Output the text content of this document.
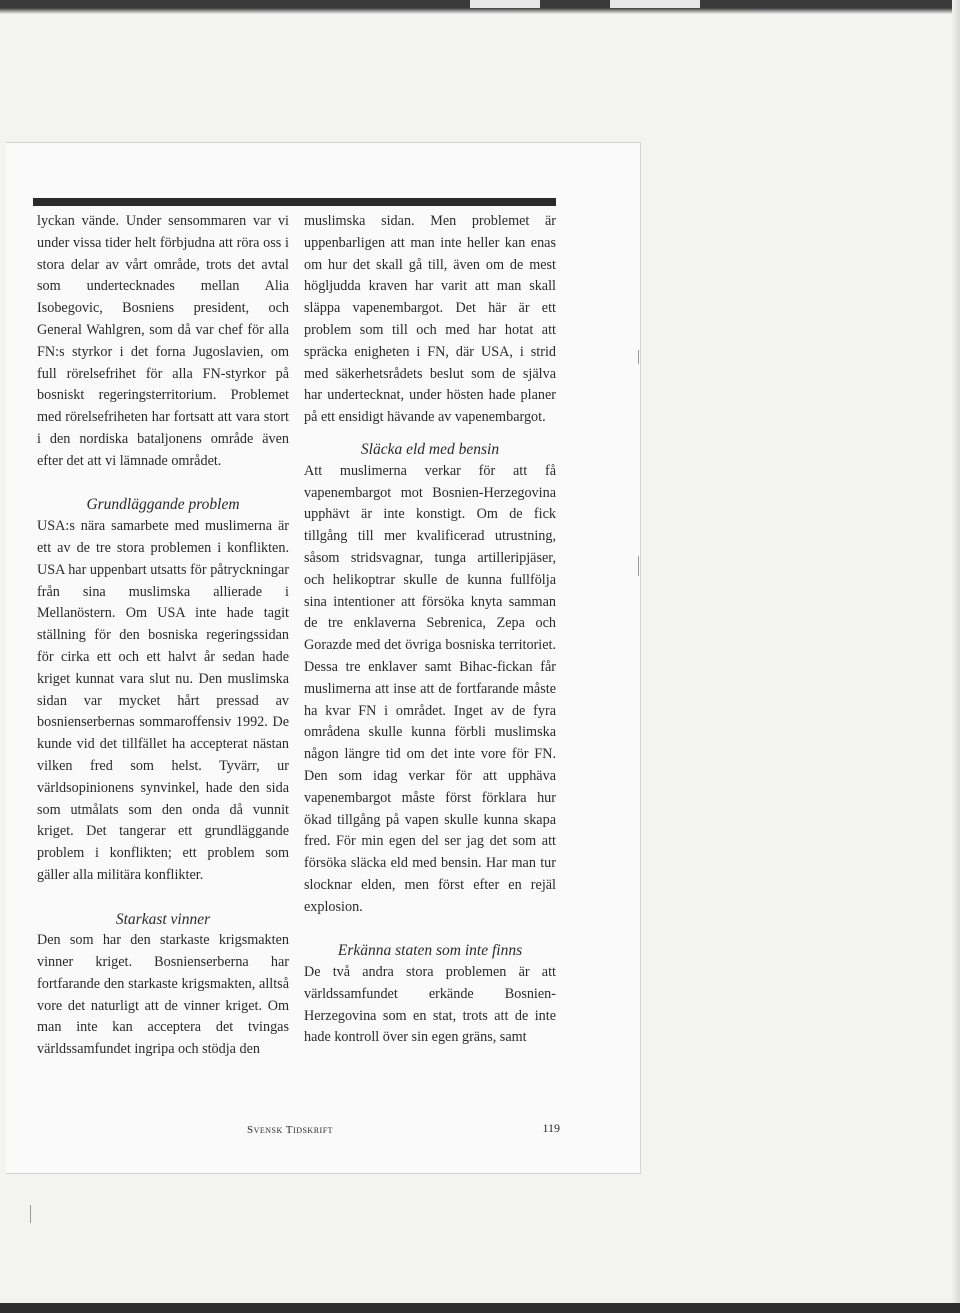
lyckan vände. Under sensommaren var vi under vissa tider helt förbjudna att röra oss i stora delar av vårt område, trots det avtal som undertecknades mellan Alia Isobegovic, Bosniens president, och General Wahlgren, som då var chef för alla FN:s styrkor i det forna Jugoslavien, om full rörelsefrihet för alla FN-styrkor på bosniskt regeringsterritorium. Problemet med rörelsefriheten har fortsatt att vara stort i den nordiska bataljonens område även efter det att vi lämnade området.

Grundläggande problem

USA:s nära samarbete med muslimerna är ett av de tre stora problemen i konflikten. USA har uppenbart utsatts för påtryckningar från sina muslimska allierade i Mellanöstern. Om USA inte hade tagit ställning för den bosniska regeringssidan för cirka ett och ett halvt år sedan hade kriget kunnat vara slut nu. Den muslimska sidan var mycket hårt pressad av bosnienserbernas sommaroffensiv 1992. De kunde vid det tillfället ha accepterat nästan vilken fred som helst. Tyvärr, ur världsopinionens synvinkel, hade den sida som utmålats som den onda då vunnit kriget. Det tangerar ett grundläggande problem i konflikten; ett problem som gäller alla militära konflikter.

Starkast vinner

Den som har den starkaste krigsmakten vinner kriget. Bosnienserberna har fortfarande den starkaste krigsmakten, alltså vore det naturligt att de vinner kriget. Om man inte kan acceptera det tvingas världssamfundet ingripa och stödja den

muslimska sidan. Men problemet är uppenbarligen att man inte heller kan enas om hur det skall gå till, även om de mest högljudda kraven har varit att man skall släppa vapenembargot. Det här är ett problem som till och med har hotat att spräcka enigheten i FN, där USA, i strid med säkerhetsrådets beslut som de själva har undertecknat, under hösten hade planer på ett ensidigt hävande av vapenembargot.

Släcka eld med bensin

Att muslimerna verkar för att få vapenembargot mot Bosnien-Herzegovina upphävt är inte konstigt. Om de fick tillgång till mer kvalificerad utrustning, såsom stridsvagnar, tunga artilleripjäser, och helikoptrar skulle de kunna fullfölja sina intentioner att försöka knyta samman de tre enklaverna Sebrenica, Zepa och Gorazde med det övriga bosniska territoriet. Dessa tre enklaver samt Bihac-fickan får muslimerna att inse att de fortfarande måste ha kvar FN i området. Inget av de fyra områdena skulle kunna förbli muslimska någon längre tid om det inte vore för FN. Den som idag verkar för att upphäva vapenembargot måste först förklara hur ökad tillgång på vapen skulle kunna skapa fred. För min egen del ser jag det som att försöka släcka eld med bensin. Har man tur slocknar elden, men först efter en rejäl explosion.

Erkänna staten som inte finns

De två andra stora problemen är att världssamfundet erkände Bosnien-Herzegovina som en stat, trots att de inte hade kontroll över sin egen gräns, samt

Svensk Tidskrift	119
